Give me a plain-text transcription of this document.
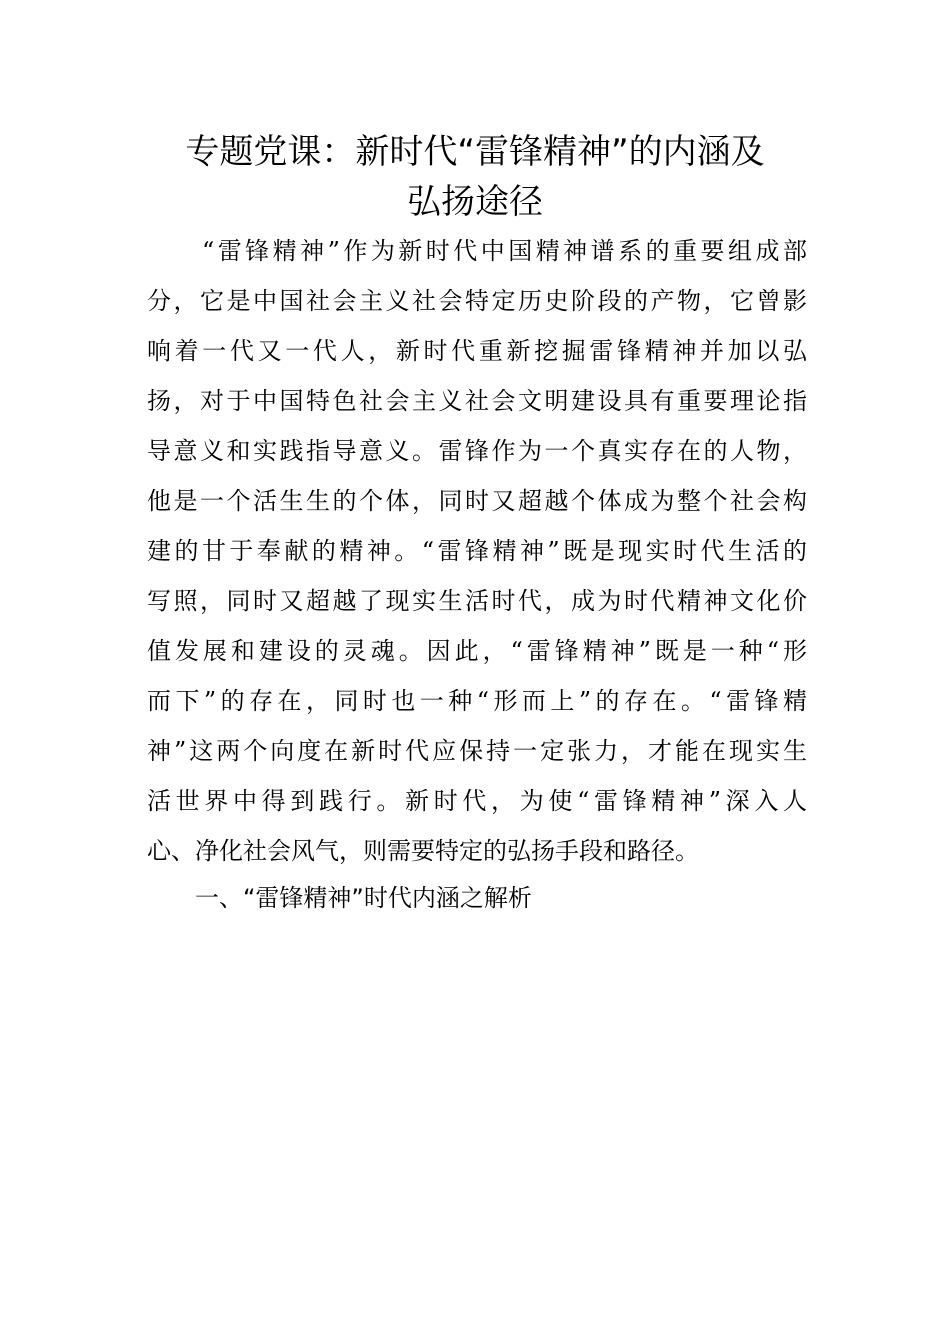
专题党课：新时代“雷锋精神”的内涵及
弘扬途径
　　“雷锋精神”作为新时代中国精神谱系的重要组成部
分，它是中国社会主义社会特定历史阶段的产物，它曾影
响着一代又一代人，新时代重新挖掘雷锋精神并加以弘
扬，对于中国特色社会主义社会文明建设具有重要理论指
导意义和实践指导意义。雷锋作为一个真实存在的人物，
他是一个活生生的个体，同时又超越个体成为整个社会构
建的甘于奉献的精神。“雷锋精神”既是现实时代生活的
写照，同时又超越了现实生活时代，成为时代精神文化价
值发展和建设的灵魂。因此，“雷锋精神”既是一种“形
而下”的存在，同时也一种“形而上”的存在。“雷锋精
神”这两个向度在新时代应保持一定张力，才能在现实生
活世界中得到践行。新时代，为使“雷锋精神”深入人
心、净化社会风气，则需要特定的弘扬手段和路径。
一、“雷锋精神”时代内涵之解析
